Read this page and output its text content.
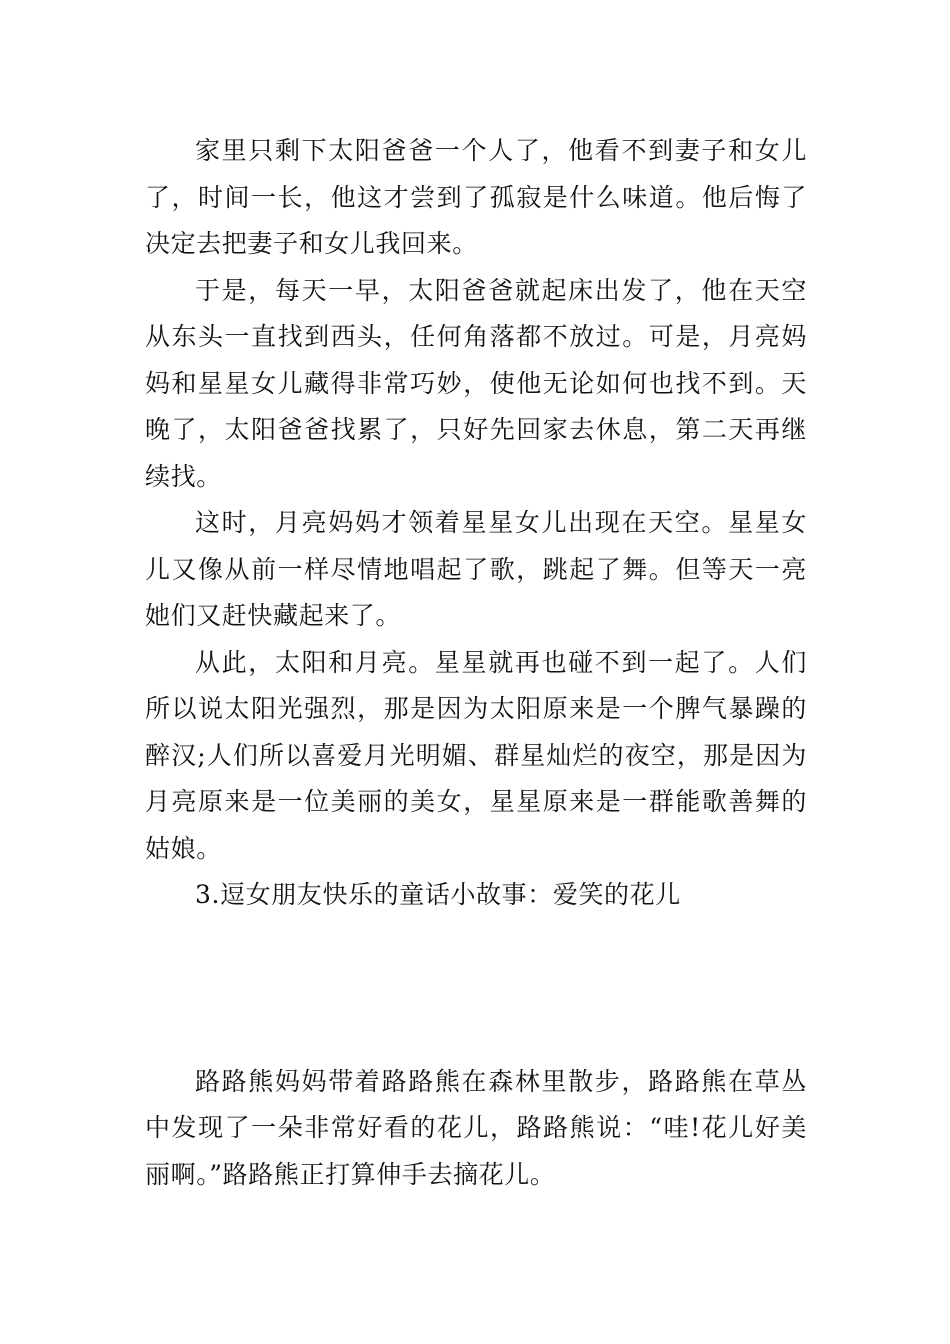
家里只剩下太阳爸爸一个人了，他看不到妻子和女儿了，时间一长，他这才尝到了孤寂是什么味道。他后悔了决定去把妻子和女儿我回来。

于是，每天一早，太阳爸爸就起床出发了，他在天空从东头一直找到西头，任何角落都不放过。可是，月亮妈妈和星星女儿藏得非常巧妙，使他无论如何也找不到。天晚了，太阳爸爸找累了，只好先回家去休息，第二天再继续找。

这时，月亮妈妈才领着星星女儿出现在天空。星星女儿又像从前一样尽情地唱起了歌，跳起了舞。但等天一亮她们又赶快藏起来了。

从此，太阳和月亮。星星就再也碰不到一起了。人们所以说太阳光强烈，那是因为太阳原来是一个脾气暴躁的醉汉;人们所以喜爱月光明媚、群星灿烂的夜空，那是因为月亮原来是一位美丽的美女，星星原来是一群能歌善舞的姑娘。

3.逗女朋友快乐的童话小故事：爱笑的花儿

路路熊妈妈带着路路熊在森林里散步，路路熊在草丛中发现了一朵非常好看的花儿，路路熊说：“哇!花儿好美丽啊。”路路熊正打算伸手去摘花儿。
